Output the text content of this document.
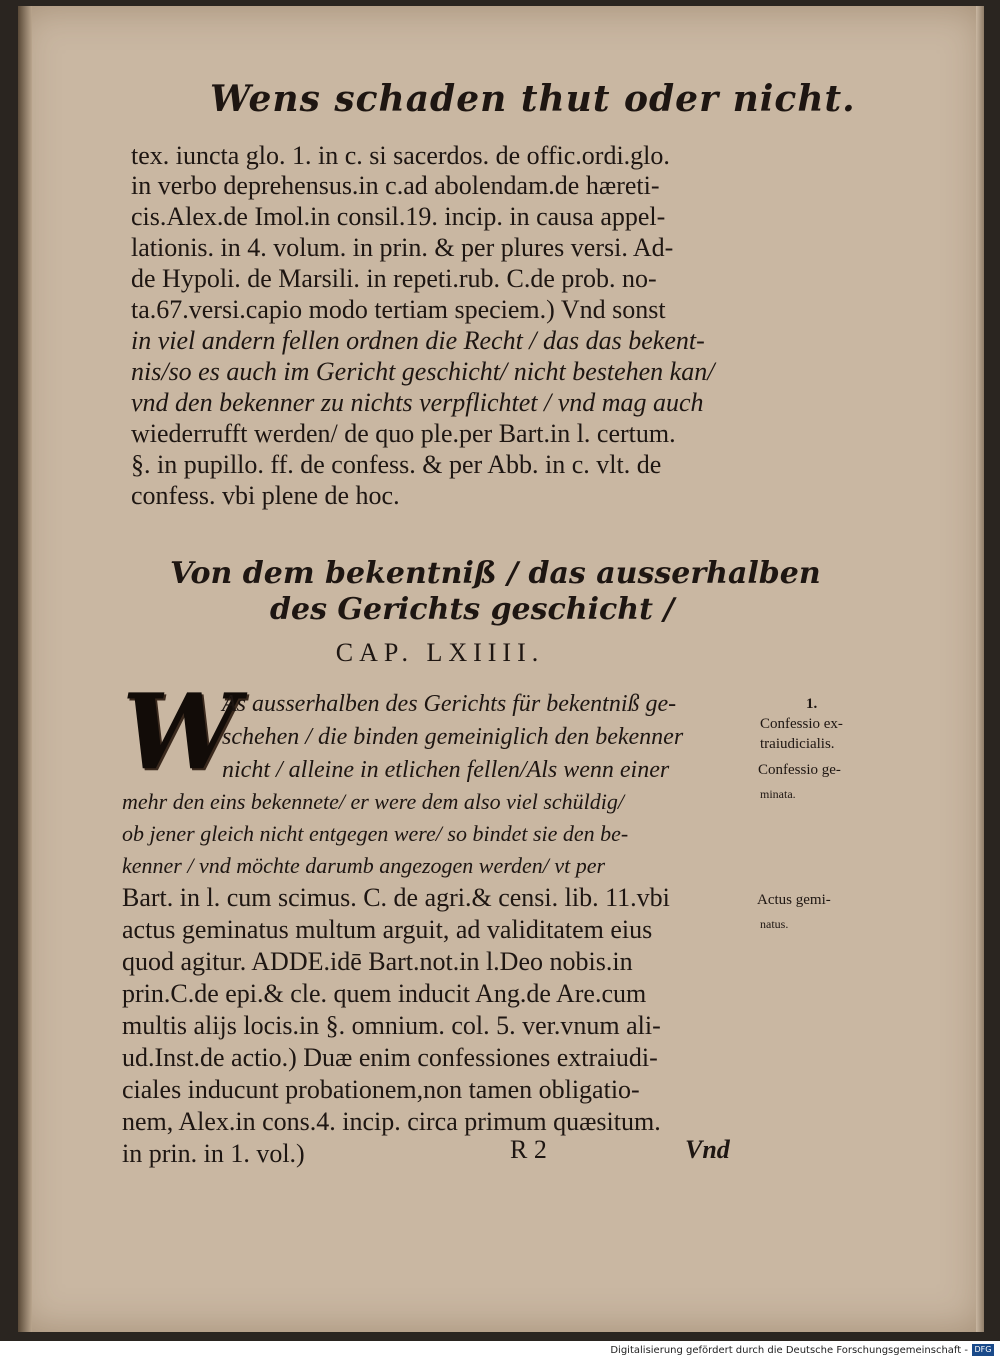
Wens schaden thut oder nicht.
tex. iuncta glo. 1. in c. si sacerdos. de offic.ordi.glo.
in verbo deprehensus.in c.ad abolendam.de hæreti-
cis.Alex.de Imol.in consil.19. incip. in causa appel-
lationis. in 4. volum. in prin. & per plures versi. Ad-
de Hypoli. de Marsili. in repeti.rub. C.de prob. no-
ta.67.versi.capio modo tertiam speciem.) Vnd sonst
in viel andern fellen ordnen die Recht / das das bekent-
nis/so es auch im Gericht geschicht/ nicht bestehen kan/
vnd den bekenner zu nichts verpflichtet / vnd mag auch
wiederrufft werden/ de quo ple.per Bart.in l. certum.
§. in pupillo. ff. de confess. & per Abb. in c. vlt. de
confess. vbi plene de hoc.
Von dem bekentniß / das ausserhalben
des Gerichts geschicht /
CAP. LXIIII.
W
As ausserhalben des Gerichts für bekentniß ge-
schehen / die binden gemeiniglich den bekenner
nicht / alleine in etlichen fellen/Als wenn einer
mehr den eins bekennete/ er were dem also viel schüldig/
ob jener gleich nicht entgegen were/ so bindet sie den be-
kenner / vnd möchte darumb angezogen werden/ vt per
Bart. in l. cum scimus. C. de agri.& censi. lib. 11.vbi
actus geminatus multum arguit, ad validitatem eius
quod agitur. ADDE.idē Bart.not.in l.Deo nobis.in
prin.C.de epi.& cle. quem inducit Ang.de Are.cum
multis alijs locis.in §. omnium. col. 5. ver.vnum ali-
ud.Inst.de actio.) Duæ enim confessiones extraiudi-
ciales inducunt probationem,non tamen obligatio-
nem, Alex.in cons.4. incip. circa primum quæsitum.
in prin. in 1. vol.)	R 2	Vnd
1.
Confessio ex-
traiudicialis.
Confessio ge-
minata.
Actus gemi-
natus.
Digitalisierung gefördert durch die Deutsche Forschungsgemeinschaft - DFG
